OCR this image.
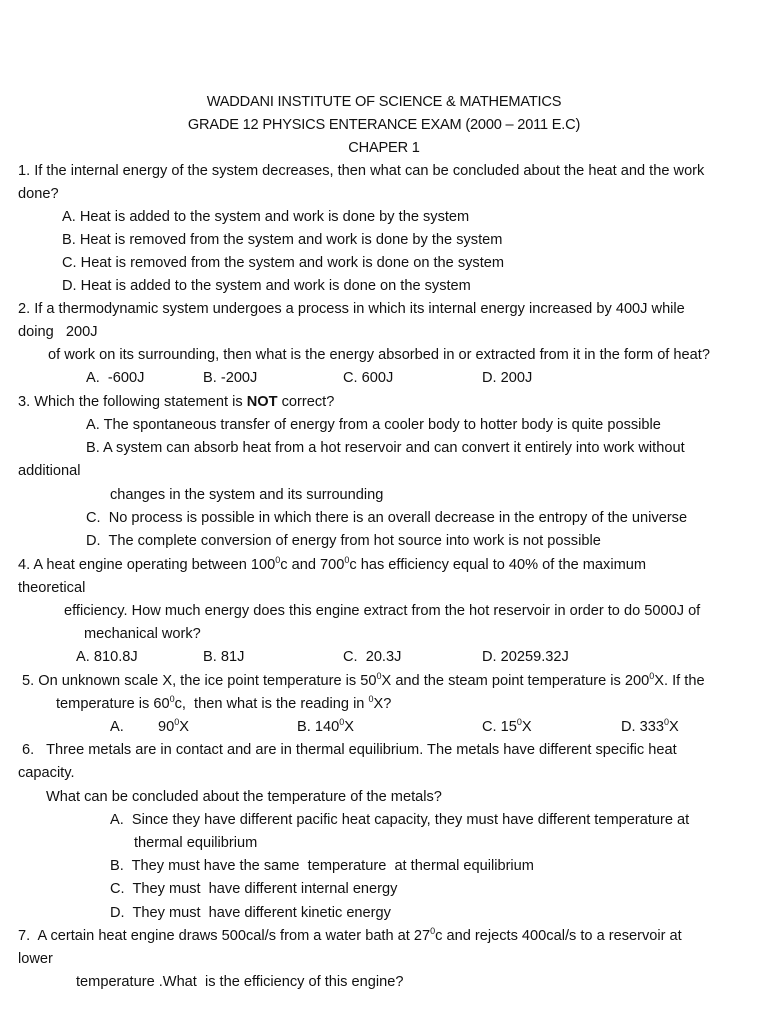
WADDANI INSTITUTE OF SCIENCE & MATHEMATICS
GRADE 12 PHYSICS ENTERANCE EXAM (2000 – 2011 E.C)
CHAPER 1
1. If the internal energy of the system decreases, then what can be concluded about the heat and the work
done?
A. Heat is added to the system and work is done by the system
B. Heat is removed from the system and work is done by the system
C. Heat is removed from the system and work is done on the system
D. Heat is added to the system and work is done on the system
2. If a thermodynamic system undergoes a process in which its internal energy increased by 400J while
doing   200J
of work on its surrounding, then what is the energy absorbed in or extracted from it in the form of heat?
A.  -600J	B. -200J	C. 600J	D. 200J
3. Which the following statement is NOT correct?
A. The spontaneous transfer of energy from a cooler body to hotter body is quite possible
B. A system can absorb heat from a hot reservoir and can convert it entirely into work without
additional
changes in the system and its surrounding
C.  No process is possible in which there is an overall decrease in the entropy of the universe
D.  The complete conversion of energy from hot source into work is not possible
4. A heat engine operating between $100^0c$ and $700^0c$ has efficiency equal to 40% of the maximum
theoretical
efficiency. How much energy does this engine extract from the hot reservoir in order to do 5000J of
mechanical work?
A. 810.8J	B. 81J	C.  20.3J	D. 20259.32J
5. On unknown scale X, the ice point temperature is $50^0X$ and the steam point temperature is $200^0X$. If the
temperature is $60^0c$,  then what is the reading in $^0$X?
A. $90^0X$	B. $140^0X$	C. $15^0X$	D. $333^0X$
6.   Three metals are in contact and are in thermal equilibrium. The metals have different specific heat
capacity.
What can be concluded about the temperature of the metals?
A.  Since they have different pacific heat capacity, they must have different temperature at
thermal equilibrium
B.  They must have the same  temperature  at thermal equilibrium
C.  They must  have different internal energy
D.  They must  have different kinetic energy
7.  A certain heat engine draws 500cal/s from a water bath at $27^0c$ and rejects 400cal/s to a reservoir at
lower
temperature .What  is the efficiency of this engine?
